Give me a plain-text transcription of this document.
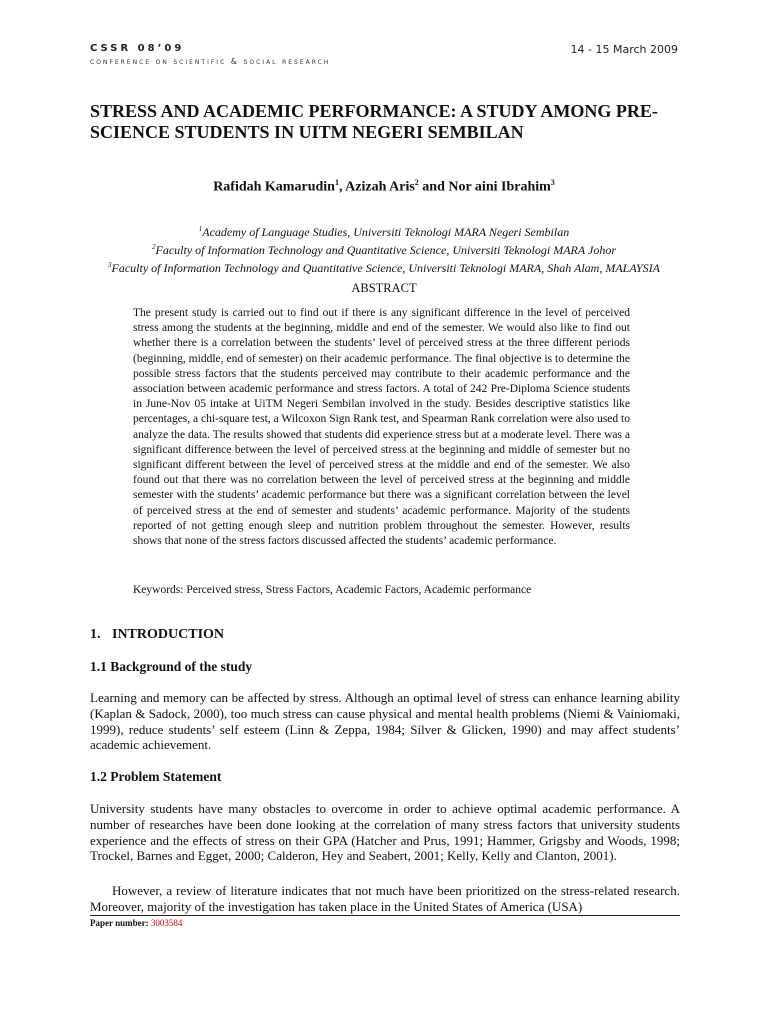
CSSR 08’09
conference on scientific & social research
14 - 15 March 2009
STRESS AND ACADEMIC PERFORMANCE: A STUDY AMONG PRE-SCIENCE STUDENTS IN UITM NEGERI SEMBILAN
Rafidah Kamarudin$^1$, Azizah Aris$^2$ and Nor aini Ibrahim$^3$
$^1$Academy of Language Studies, Universiti Teknologi MARA Negeri Sembilan
$^2$Faculty of Information Technology and Quantitative Science, Universiti Teknologi MARA Johor
$^3$Faculty of Information Technology and Quantitative Science, Universiti Teknologi MARA, Shah Alam, MALAYSIA
ABSTRACT
The present study is carried out to find out if there is any significant difference in the level of perceived stress among the students at the beginning, middle and end of the semester. We would also like to find out whether there is a correlation between the students’ level of perceived stress at the three different periods (beginning, middle, end of semester) on their academic performance. The final objective is to determine the possible stress factors that the students perceived may contribute to their academic performance and the association between academic performance and stress factors. A total of 242 Pre-Diploma Science students in June-Nov 05 intake at UiTM Negeri Sembilan involved in the study. Besides descriptive statistics like percentages, a chi-square test, a Wilcoxon Sign Rank test, and Spearman Rank correlation were also used to analyze the data. The results showed that students did experience stress but at a moderate level. There was a significant difference between the level of perceived stress at the beginning and middle of semester but no significant different between the level of perceived stress at the middle and end of the semester. We also found out that there was no correlation between the level of perceived stress at the beginning and middle semester with the students’ academic performance but there was a significant correlation between the level of perceived stress at the end of semester and students’ academic performance. Majority of the students reported of not getting enough sleep and nutrition problem throughout the semester. However, results shows that none of the stress factors discussed affected the students’ academic performance.
Keywords: Perceived stress, Stress Factors, Academic Factors, Academic performance
1. INTRODUCTION
1.1 Background of the study
Learning and memory can be affected by stress. Although an optimal level of stress can enhance learning ability (Kaplan & Sadock, 2000), too much stress can cause physical and mental health problems (Niemi & Vainiomaki, 1999), reduce students’ self esteem (Linn & Zeppa, 1984; Silver & Glicken, 1990) and may affect students’ academic achievement.
1.2 Problem Statement
University students have many obstacles to overcome in order to achieve optimal academic performance. A number of researches have been done looking at the correlation of many stress factors that university students experience and the effects of stress on their GPA (Hatcher and Prus, 1991; Hammer, Grigsby and Woods, 1998; Trockel, Barnes and Egget, 2000; Calderon, Hey and Seabert, 2001; Kelly, Kelly and Clanton, 2001).
However, a review of literature indicates that not much have been prioritized on the stress-related research. Moreover, majority of the investigation has taken place in the United States of America (USA)
Paper number: 3003584
